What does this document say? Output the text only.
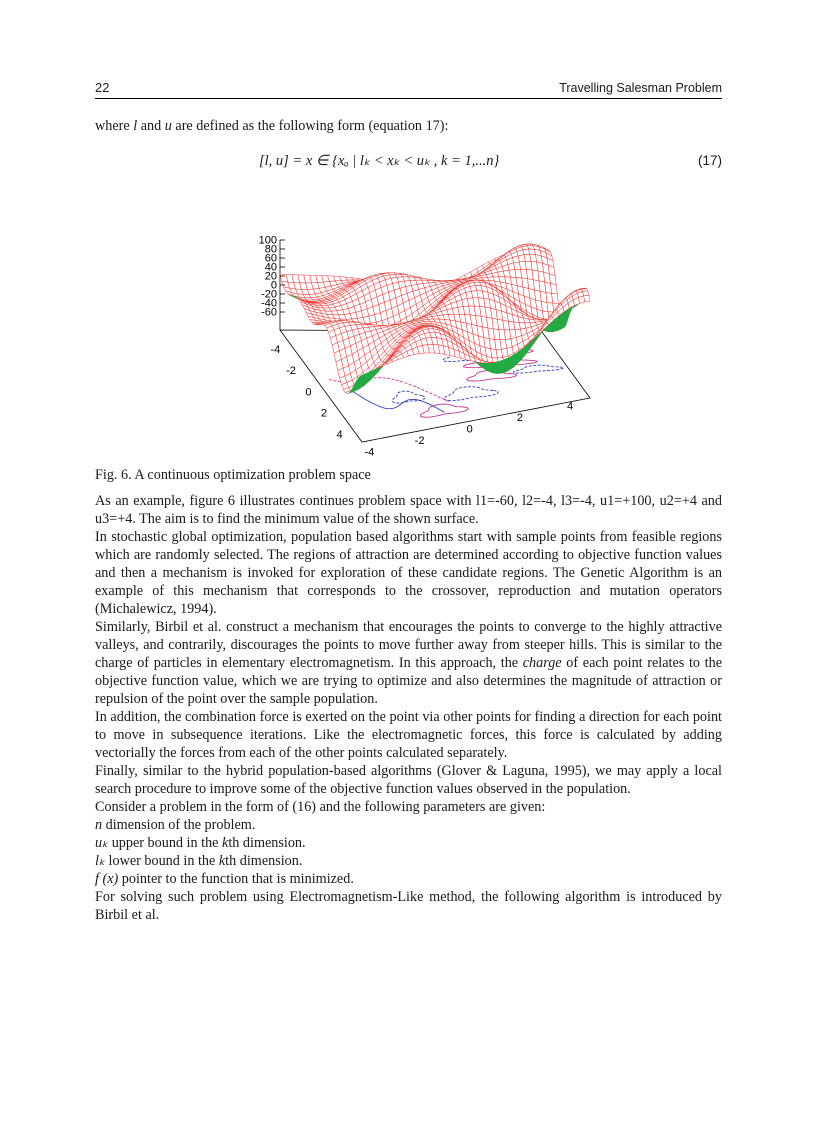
22	Travelling Salesman Problem
where l and u are defined as the following form (equation 17):
[l, u] = x ∈ {xₐ | lₖ < xₖ < uₖ , k = 1,...n}	(17)
100
80
60
40
20
0
-20
-40
-60
-4
-2
0
2
4
-4
-2
0
2
4
Fig. 6. A continuous optimization problem space

As an example, figure 6 illustrates continues problem space with l1=-60, l2=-4, l3=-4, u1=+100, u2=+4 and u3=+4. The aim is to find the minimum value of the shown surface.

In stochastic global optimization, population based algorithms start with sample points from feasible regions which are randomly selected. The regions of attraction are determined according to objective function values and then a mechanism is invoked for exploration of these candidate regions. The Genetic Algorithm is an example of this mechanism that corresponds to the crossover, reproduction and mutation operators (Michalewicz, 1994).

Similarly, Birbil et al. construct a mechanism that encourages the points to converge to the highly attractive valleys, and contrarily, discourages the points to move further away from steeper hills. This is similar to the charge of particles in elementary electromagnetism. In this approach, the charge of each point relates to the objective function value, which we are trying to optimize and also determines the magnitude of attraction or repulsion of the point over the sample population.

In addition, the combination force is exerted on the point via other points for finding a direction for each point to move in subsequence iterations. Like the electromagnetic forces, this force is calculated by adding vectorially the forces from each of the other points calculated separately.

Finally, similar to the hybrid population-based algorithms (Glover & Laguna, 1995), we may apply a local search procedure to improve some of the objective function values observed in the population.

Consider a problem in the form of (16) and the following parameters are given:

n dimension of the problem.

uₖ upper bound in the kth dimension.

lₖ lower bound in the kth dimension.

f (x) pointer to the function that is minimized.

For solving such problem using Electromagnetism-Like method, the following algorithm is introduced by Birbil et al.
